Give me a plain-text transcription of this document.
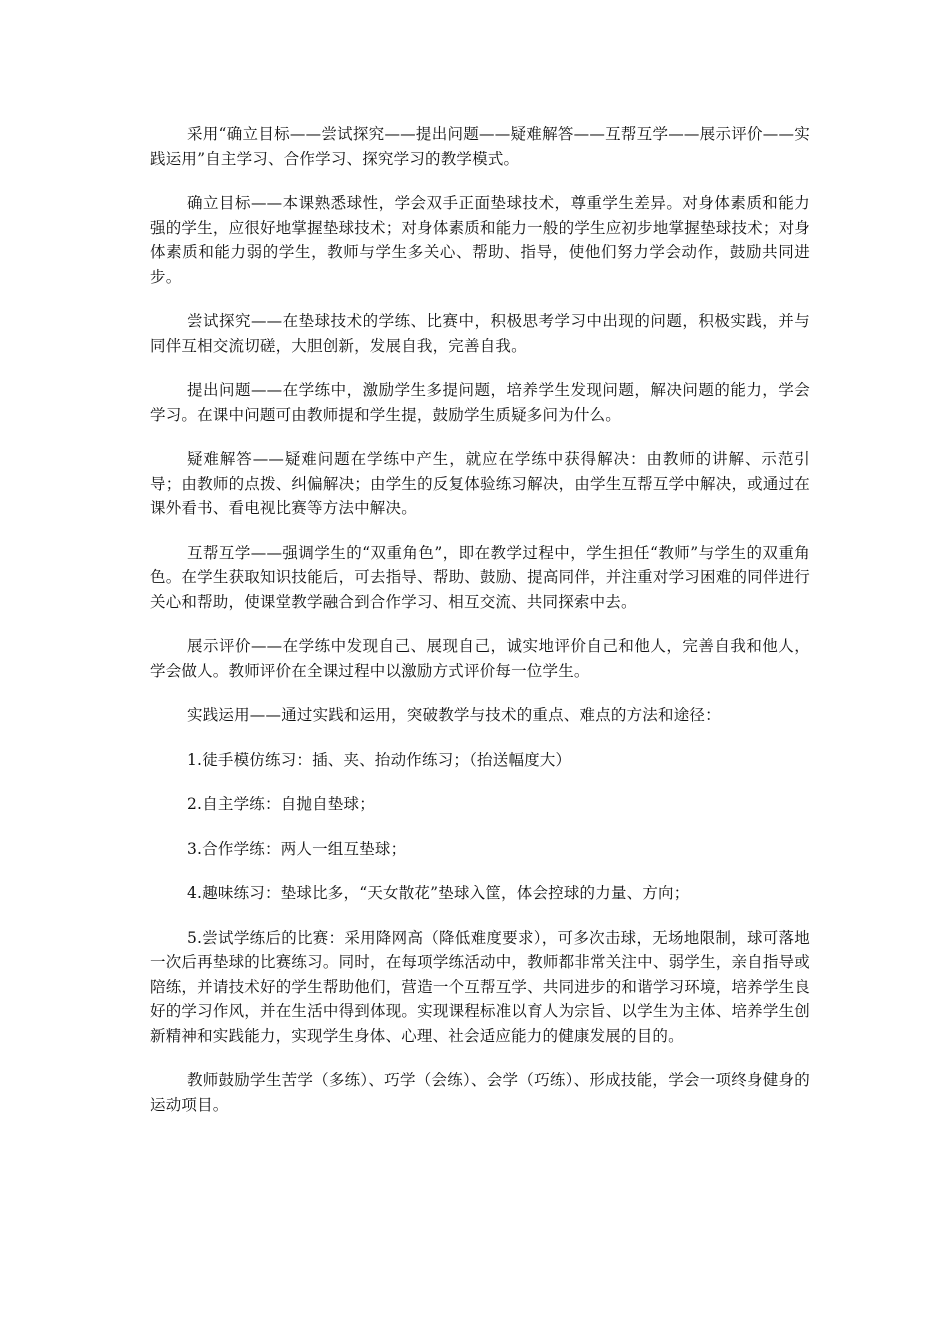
采用“确立目标——尝试探究——提出问题——疑难解答——互帮互学——展示评价——实践运用”自主学习、合作学习、探究学习的教学模式。

确立目标——本课熟悉球性，学会双手正面垫球技术，尊重学生差异。对身体素质和能力强的学生，应很好地掌握垫球技术；对身体素质和能力一般的学生应初步地掌握垫球技术；对身体素质和能力弱的学生，教师与学生多关心、帮助、指导，使他们努力学会动作，鼓励共同进步。

尝试探究——在垫球技术的学练、比赛中，积极思考学习中出现的问题，积极实践，并与同伴互相交流切磋，大胆创新，发展自我，完善自我。

提出问题——在学练中，激励学生多提问题，培养学生发现问题，解决问题的能力，学会学习。在课中问题可由教师提和学生提，鼓励学生质疑多问为什么。

疑难解答——疑难问题在学练中产生，就应在学练中获得解决：由教师的讲解、示范引导；由教师的点拨、纠偏解决；由学生的反复体验练习解决，由学生互帮互学中解决，或通过在课外看书、看电视比赛等方法中解决。

互帮互学——强调学生的“双重角色”，即在教学过程中，学生担任“教师”与学生的双重角色。在学生获取知识技能后，可去指导、帮助、鼓励、提高同伴，并注重对学习困难的同伴进行关心和帮助，使课堂教学融合到合作学习、相互交流、共同探索中去。

展示评价——在学练中发现自己、展现自己，诚实地评价自己和他人，完善自我和他人，学会做人。教师评价在全课过程中以激励方式评价每一位学生。

实践运用——通过实践和运用，突破教学与技术的重点、难点的方法和途径：

1.徒手模仿练习：插、夹、抬动作练习；（抬送幅度大）

2.自主学练：自抛自垫球；

3.合作学练：两人一组互垫球；

4.趣味练习：垫球比多，“天女散花”垫球入筐，体会控球的力量、方向；

5.尝试学练后的比赛：采用降网高（降低难度要求），可多次击球，无场地限制，球可落地一次后再垫球的比赛练习。同时，在每项学练活动中，教师都非常关注中、弱学生，亲自指导或陪练，并请技术好的学生帮助他们，营造一个互帮互学、共同进步的和谐学习环境，培养学生良好的学习作风，并在生活中得到体现。实现课程标准以育人为宗旨、以学生为主体、培养学生创新精神和实践能力，实现学生身体、心理、社会适应能力的健康发展的目的。

教师鼓励学生苦学（多练）、巧学（会练）、会学（巧练）、形成技能，学会一项终身健身的运动项目。
